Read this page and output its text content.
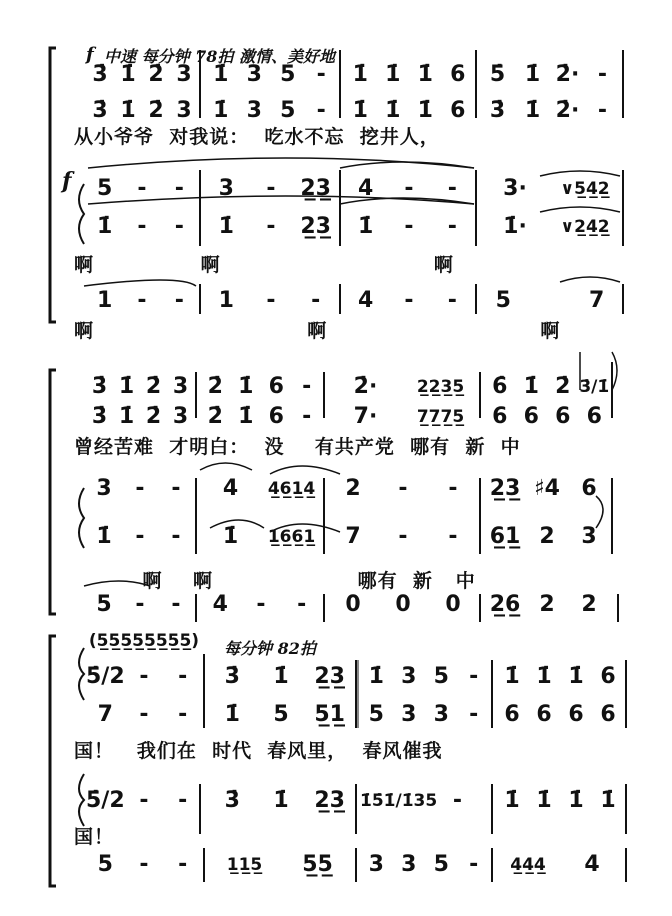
f 中速 每分钟 78拍 激情、美好地
f
每分钟 82拍
3̇ 1̇ 2̇ 3 1̇ 3 5 -	1̇ 1̇ 1̇ 6	5̇ 1̇ 2̇· -
3̇ 1̇ 2̇ 3 1̇ 3 5 -	1̇ 1̇ 1̇ 6	3̇ 1̇ 2̇· -
从小爷爷  对我说：  吃水不忘  挖井人，
5	-	-	3	-	2̲3̲	4	-	-	3·	∨5̲4̲2̲
1̇	-	-	1̇	-	2̲3̲	1̇	-	-	1̇·	∨2̲4̲2̲
啊              啊                            啊
1	-	-	1	-	-	4	-	-	5	7
啊                            啊                            啊
3̇ 1̇ 2̇ 3 2̇ 1̇ 6 -	2̇·	2̲2̲3̲5̲	6̇ 1̇ 2̇ 3̇/1̇
3̇ 1̇ 2̇ 3 2̇ 1̇ 6 -	7·	7̲7̲7̲5̲	6 6 6 6
曾经苦难  才明白：  没    有共产党  哪有  新  中
3	-	-	4	4̲6̲1̲4̲	2	-	-	2̲3̲ ♯4 6
1̇	-	-	1̇	1̲6̲6̲1̲	7	-	-	6̲1̲ 2	3
啊    啊                   哪有  新   中
5	-	-	4	-	-	0	0	0	2̲6̲ 2	2
(5̲5̲5̲5̲5̲5̲5̲5̲)
5̇/2 -	-	3̇	1̇	2̲3̲	1̇ 3 5 -	1̇ 1̇ 1̇ 6
7	-	-	1̇	5	5̲1̲	5 3 3 -	6 6 6 6
国！   我们在  时代  春风里，  春风催我
5̇/2 -	-	3̇	1̇	2̲3̲ 1̇5̇1̇/1̇35 -	1̇ 1̇ 1̇ 1̇
国！
5	-	-	1̲1̲5̲	5̲5̲	3 3 5 -	4̲4̲4̲	4
